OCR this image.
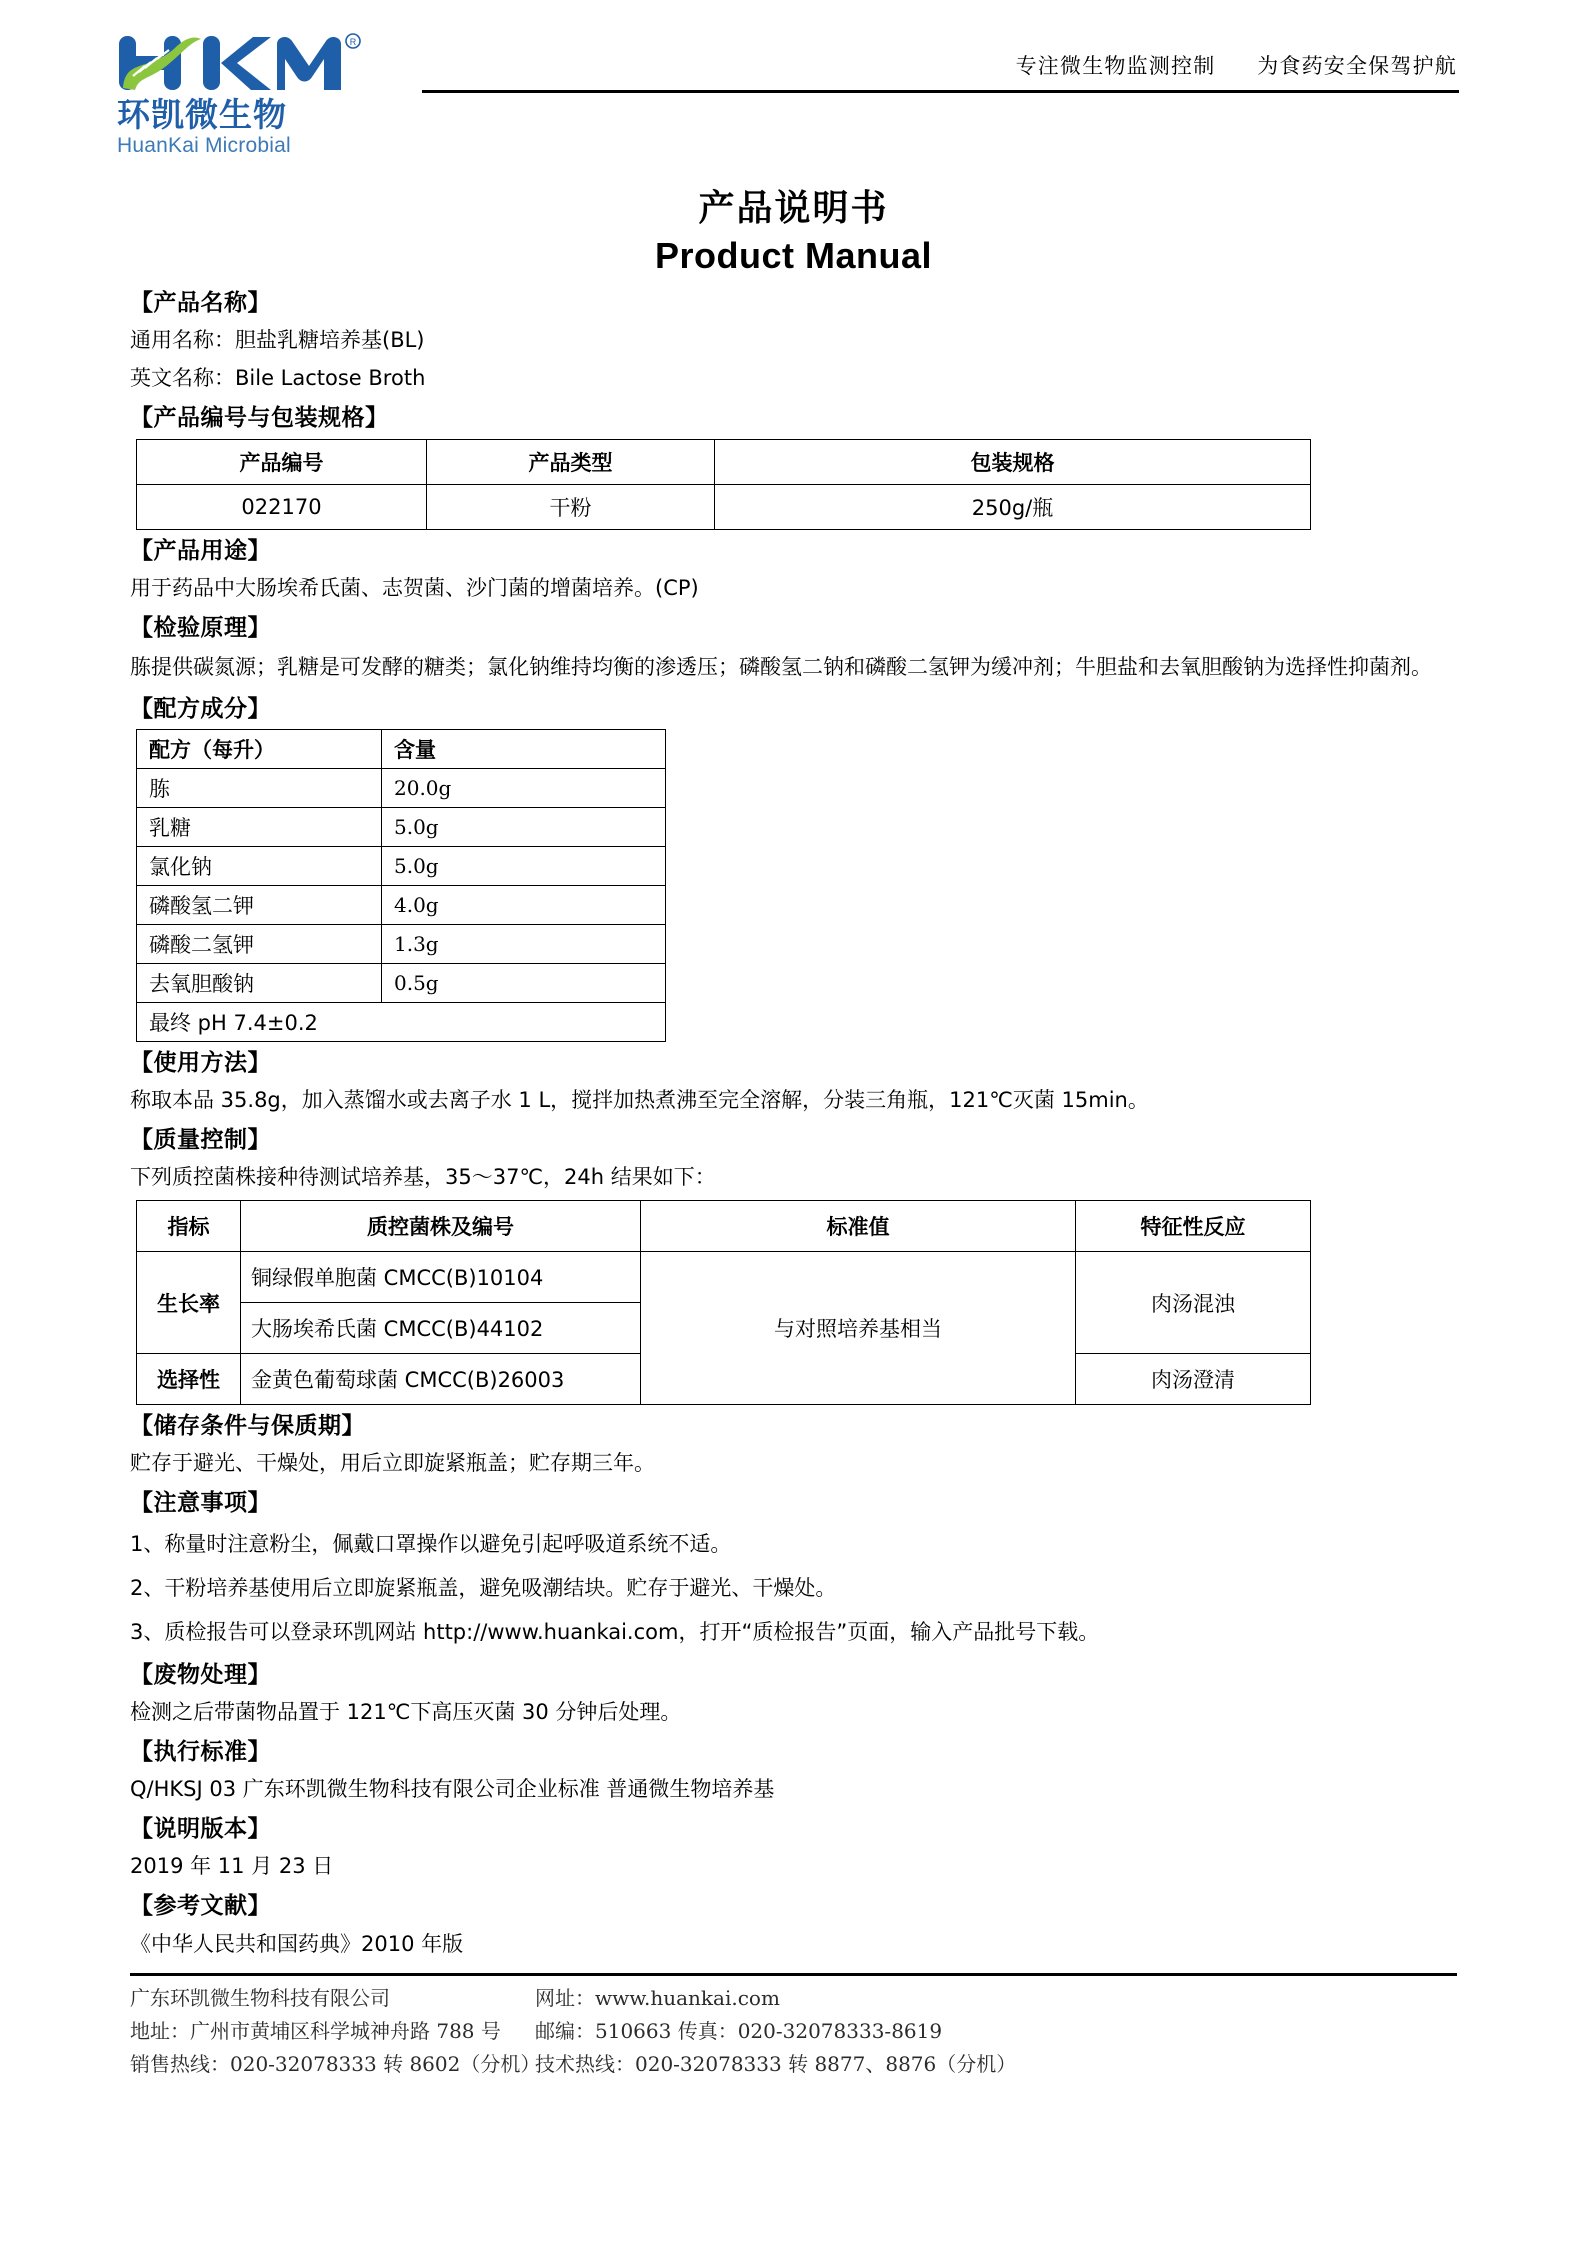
R
环凯微生物
HuanKai Microbial
专注微生物监测控制 为食药安全保驾护航
产品说明书
Product Manual
【产品名称】
通用名称：胆盐乳糖培养基(BL)
英文名称：Bile Lactose Broth
【产品编号与包装规格】
产品编号	产品类型	包装规格
022170	干粉	250g/瓶
【产品用途】
用于药品中大肠埃希氏菌、志贺菌、沙门菌的增菌培养。(CP)
【检验原理】
胨提供碳氮源；乳糖是可发酵的糖类；氯化钠维持均衡的渗透压；磷酸氢二钠和磷酸二氢钾为缓冲剂；牛胆盐和去氧胆酸钠为选择性抑菌剂。
【配方成分】
配方（每升）	含量
胨	20.0g
乳糖	5.0g
氯化钠	5.0g
磷酸氢二钾	4.0g
磷酸二氢钾	1.3g
去氧胆酸钠	0.5g
最终 pH 7.4±0.2	
【使用方法】
称取本品 35.8g，加入蒸馏水或去离子水 1 L，搅拌加热煮沸至完全溶解，分装三角瓶，121℃灭菌 15min。
【质量控制】
下列质控菌株接种待测试培养基，35～37℃，24h 结果如下：
指标	质控菌株及编号	标准值	特征性反应
生长率	铜绿假单胞菌 CMCC(B)10104	与对照培养基相当	肉汤混浊
	大肠埃希氏菌 CMCC(B)44102		
选择性	金黄色葡萄球菌 CMCC(B)26003		肉汤澄清
【储存条件与保质期】
贮存于避光、干燥处，用后立即旋紧瓶盖；贮存期三年。
【注意事项】
1、称量时注意粉尘，佩戴口罩操作以避免引起呼吸道系统不适。
2、干粉培养基使用后立即旋紧瓶盖，避免吸潮结块。贮存于避光、干燥处。
3、质检报告可以登录环凯网站 http://www.huankai.com，打开“质检报告”页面，输入产品批号下载。
【废物处理】
检测之后带菌物品置于 121℃下高压灭菌 30 分钟后处理。
【执行标准】
Q/HKSJ 03 广东环凯微生物科技有限公司企业标准 普通微生物培养基
【说明版本】
2019 年 11 月 23 日
【参考文献】
《中华人民共和国药典》2010 年版
广东环凯微生物科技有限公司
地址：广州市黄埔区科学城神舟路 788 号
销售热线：020-32078333 转 8602（分机）
网址：www.huankai.com
邮编：510663 传真：020-32078333-8619
技术热线：020-32078333 转 8877、8876（分机）
